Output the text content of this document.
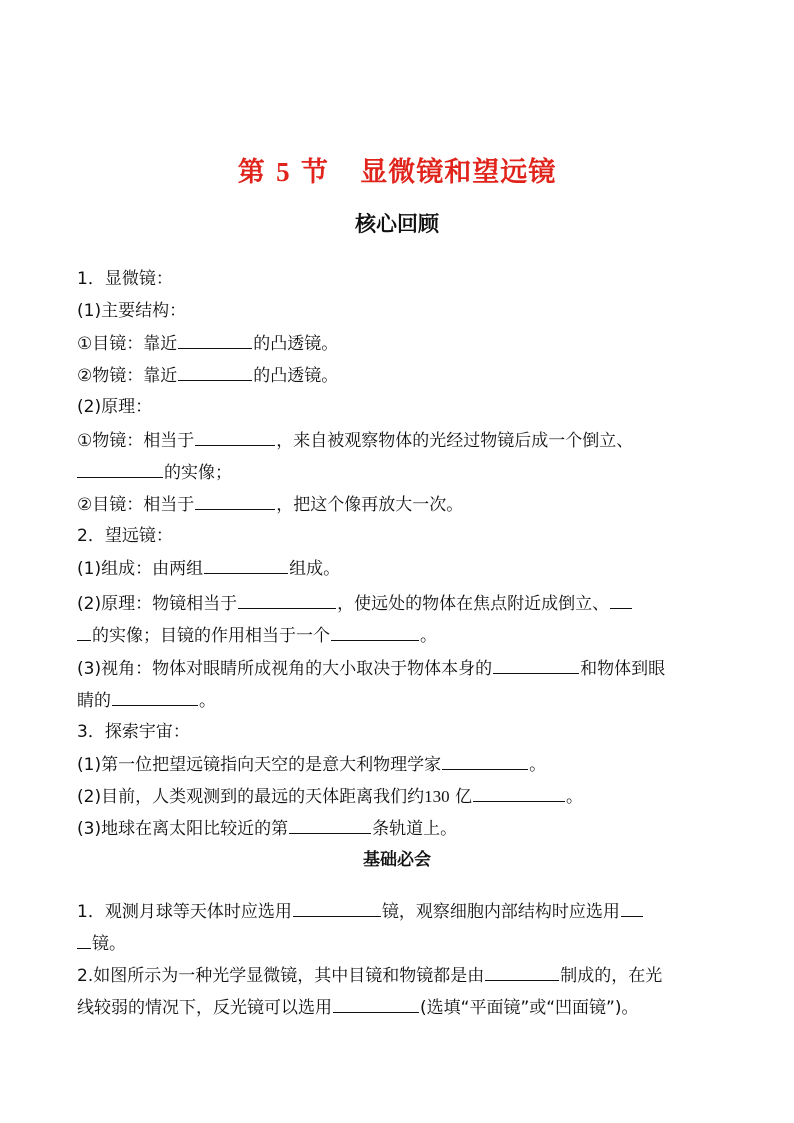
第 5 节 显微镜和望远镜
核心回顾
1．显微镜：
(1)主要结构：
①目镜：靠近	的凸透镜。
②物镜：靠近	的凸透镜。
(2)原理：
①物镜：相当于	，来自被观察物体的光经过物镜后成一个倒立、
的实像；
②目镜：相当于	，把这个像再放大一次。
2．望远镜：
(1)组成：由两组	组成。
(2)原理：物镜相当于	，使远处的物体在焦点附近成倒立、
的实像；目镜的作用相当于一个	。
(3)视角：物体对眼睛所成视角的大小取决于物体本身的	和物体到眼
睛的	。
3．探索宇宙：
(1)第一位把望远镜指向天空的是意大利物理学家	。
(2)目前，人类观测到的最远的天体距离我们约130 亿	。
(3)地球在离太阳比较近的第	条轨道上。
基础必会
1．观测月球等天体时应选用	镜，观察细胞内部结构时应选用
镜。
2.如图所示为一种光学显微镜，其中目镜和物镜都是由	制成的，在光
线较弱的情况下，反光镜可以选用	(选填“平面镜”或“凹面镜”)。
